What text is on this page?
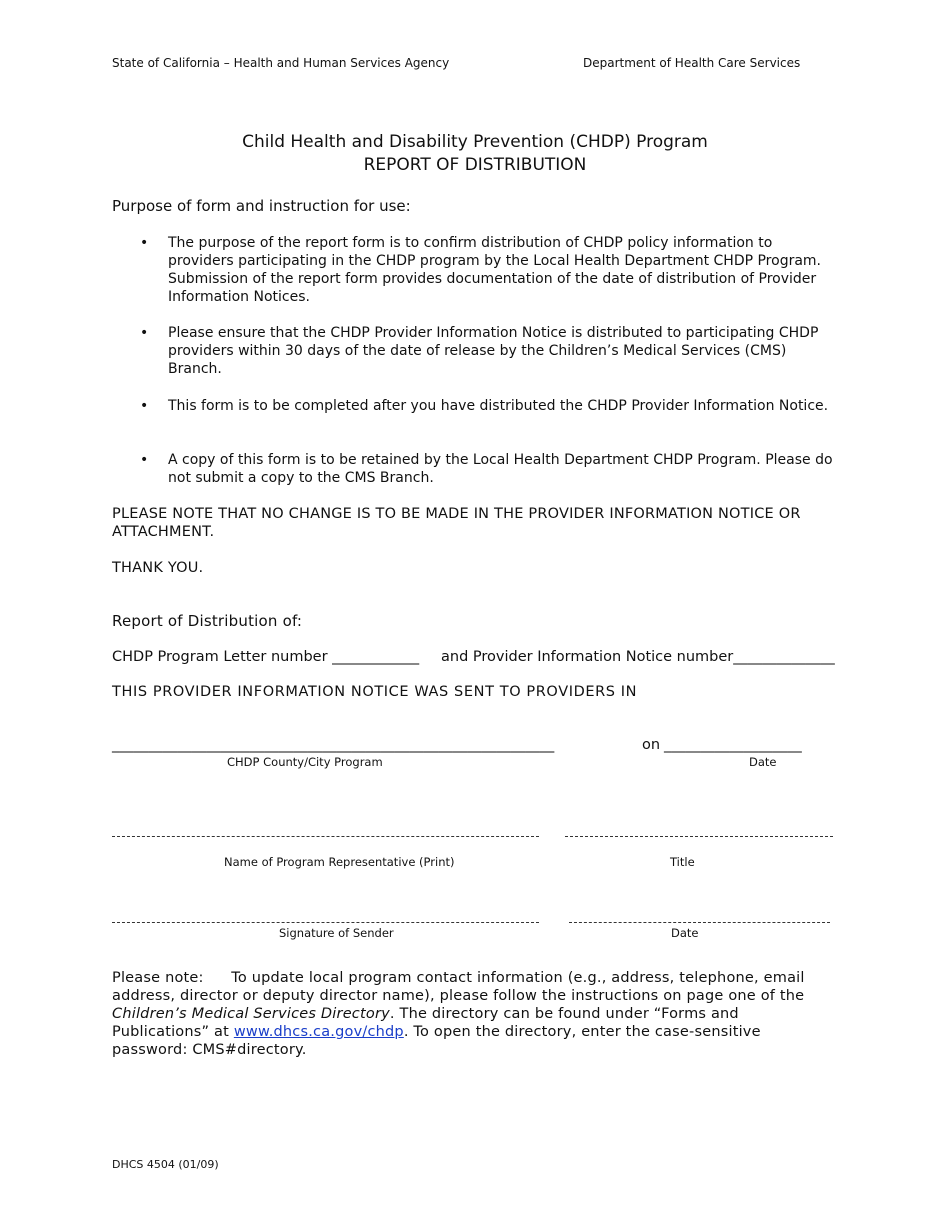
State of California – Health and Human Services Agency	Department of Health Care Services
Child Health and Disability Prevention (CHDP) Program
REPORT OF DISTRIBUTION
Purpose of form and instruction for use:
• The purpose of the report form is to confirm distribution of CHDP policy information to providers participating in the CHDP program by the Local Health Department CHDP Program. Submission of the report form provides documentation of the date of distribution of Provider Information Notices.
• Please ensure that the CHDP Provider Information Notice is distributed to participating CHDP providers within 30 days of the date of release by the Children’s Medical Services (CMS) Branch.
• This form is to be completed after you have distributed the CHDP Provider Information Notice.
• A copy of this form is to be retained by the Local Health Department CHDP Program. Please do not submit a copy to the CMS Branch.
PLEASE NOTE THAT NO CHANGE IS TO BE MADE IN THE PROVIDER INFORMATION NOTICE OR ATTACHMENT.
THANK YOU.
Report of Distribution of:
CHDP Program Letter number ____________ and Provider Information Notice number______________
THIS PROVIDER INFORMATION NOTICE WAS SENT TO PROVIDERS IN
_____________________________________________________________	on ___________________
CHDP County/City Program	Date
Name of Program Representative (Print)	Title
Signature of Sender	Date
Please note: To update local program contact information (e.g., address, telephone, email address, director or deputy director name), please follow the instructions on page one of the Children’s Medical Services Directory. The directory can be found under “Forms and Publications” at www.dhcs.ca.gov/chdp. To open the directory, enter the case-sensitive password: CMS#directory.
DHCS 4504 (01/09)
